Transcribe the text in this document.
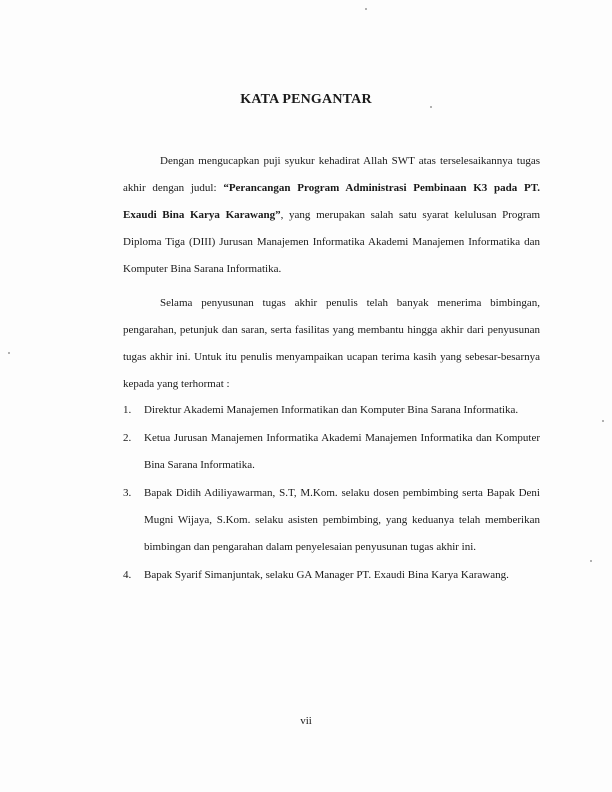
KATA PENGANTAR
Dengan mengucapkan puji syukur kehadirat Allah SWT atas terselesaikannya tugas akhir dengan judul: “Perancangan Program Administrasi Pembinaan K3 pada PT. Exaudi Bina Karya Karawang”, yang merupakan salah satu syarat kelulusan Program Diploma Tiga (DIII) Jurusan Manajemen Informatika Akademi Manajemen Informatika dan Komputer Bina Sarana Informatika.
Selama penyusunan tugas akhir penulis telah banyak menerima bimbingan, pengarahan, petunjuk dan saran, serta fasilitas yang membantu hingga akhir dari penyusunan tugas akhir ini. Untuk itu penulis menyampaikan ucapan terima kasih yang sebesar-besarnya kepada yang terhormat :
1. Direktur Akademi Manajemen Informatikan dan Komputer Bina Sarana Informatika.
2. Ketua Jurusan Manajemen Informatika Akademi Manajemen Informatika dan Komputer Bina Sarana Informatika.
3. Bapak Didih Adiliyawarman, S.T, M.Kom. selaku dosen pembimbing serta Bapak Deni Mugni Wijaya, S.Kom. selaku asisten pembimbing, yang keduanya telah memberikan bimbingan dan pengarahan dalam penyelesaian penyusunan tugas akhir ini.
4. Bapak Syarif Simanjuntak, selaku GA Manager PT. Exaudi Bina Karya Karawang.
vii
